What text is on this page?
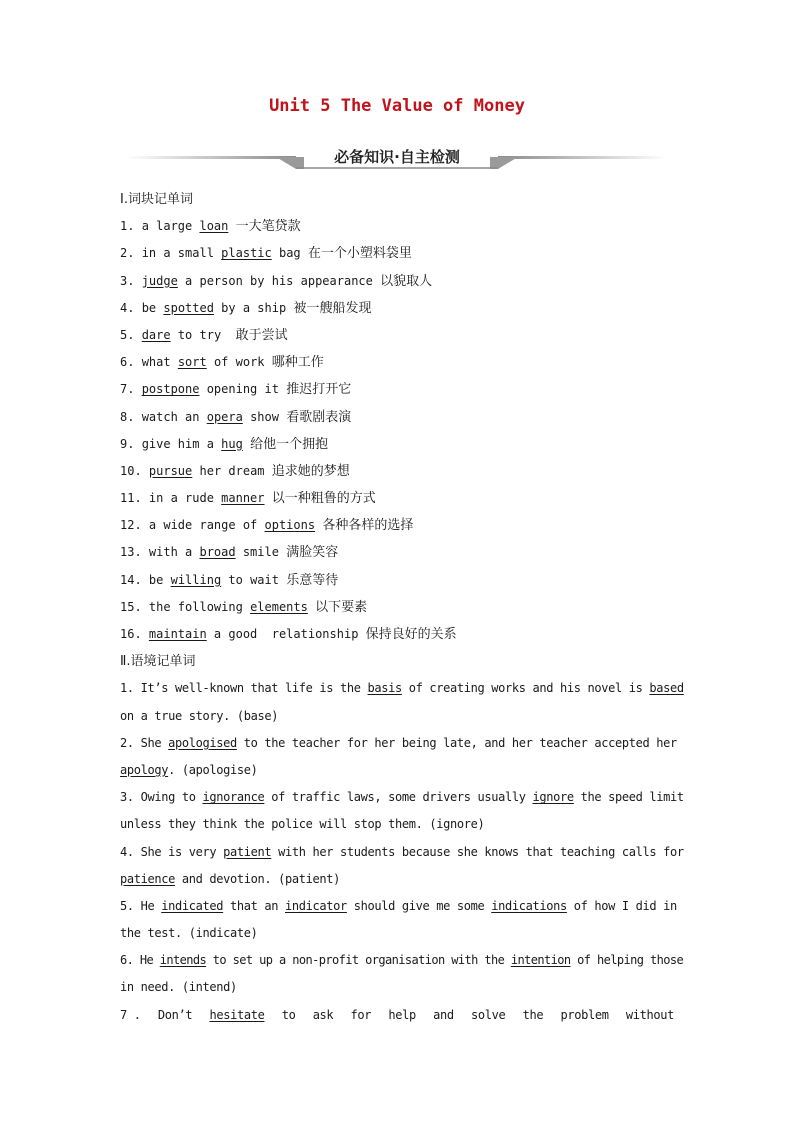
Unit 5 The Value of Money
必备知识·自主检测
Ⅰ.词块记单词
1. a large loan 一大笔贷款
2. in a small plastic bag 在一个小塑料袋里
3. judge a person by his appearance 以貌取人
4. be spotted by a ship 被一艘船发现
5. dare to try  敢于尝试
6. what sort of work 哪种工作
7. postpone opening it 推迟打开它
8. watch an opera show 看歌剧表演
9. give him a hug 给他一个拥抱
10. pursue her dream 追求她的梦想
11. in a rude manner 以一种粗鲁的方式
12. a wide range of options 各种各样的选择
13. with a broad smile 满脸笑容
14. be willing to wait 乐意等待
15. the following elements 以下要素
16. maintain a good  relationship 保持良好的关系
Ⅱ.语境记单词
1. It’s well-known that life is the basis of creating works and his novel is based
on a true story. (base)
2. She apologised to the teacher for her being late, and her teacher accepted her
apology. (apologise)
3. Owing to ignorance of traffic laws, some drivers usually ignore the speed limit
unless they think the police will stop them. (ignore)
4. She is very patient with her students because she knows that teaching calls for
patience and devotion. (patient)
5. He indicated that an indicator should give me some indications of how I did in
the test. (indicate)
6. He intends to set up a non-profit organisation with the intention of helping those
in need. (intend)
7 . Don’t hesitate to ask for help and solve the problem without
